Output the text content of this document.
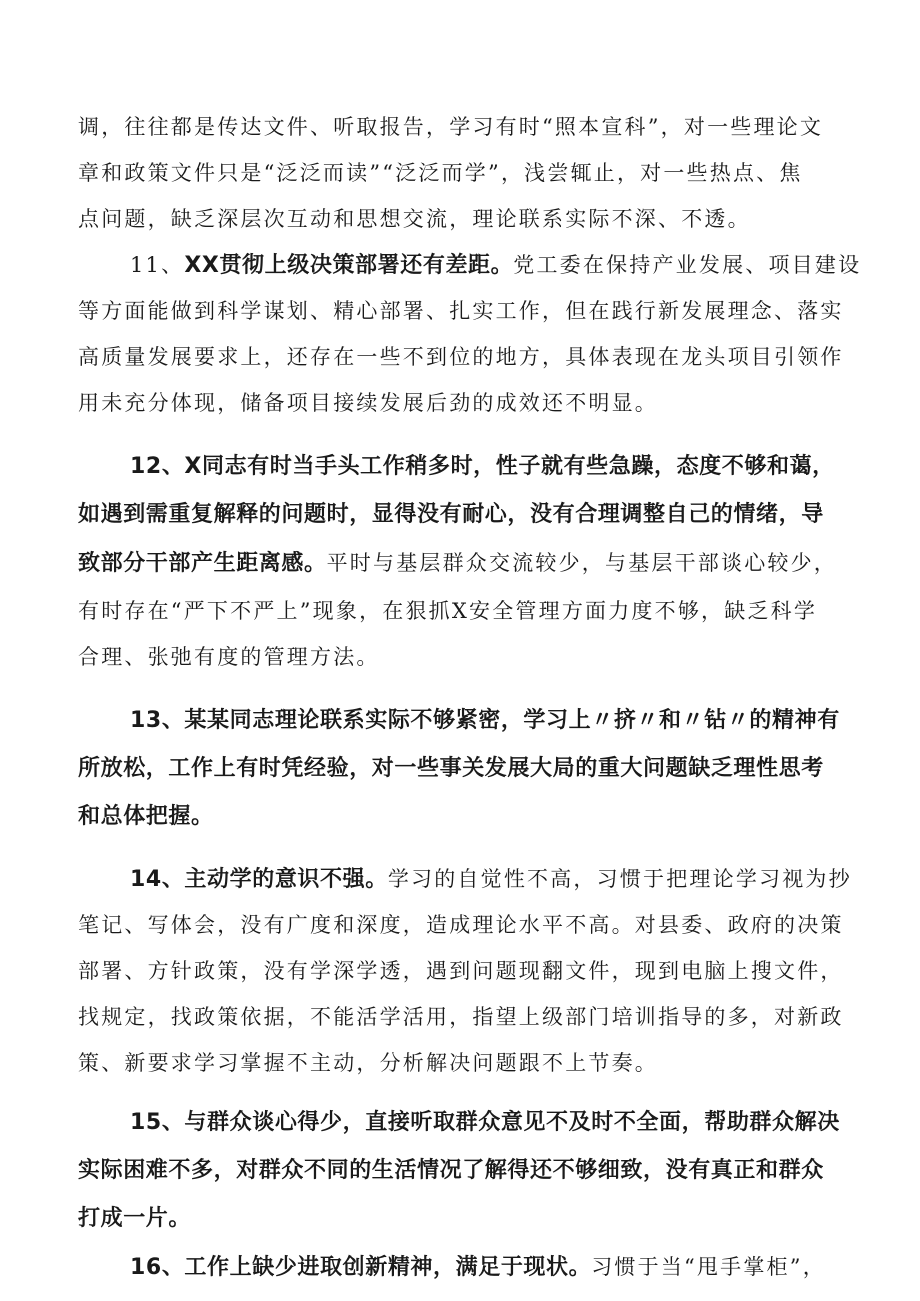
调，往往都是传达文件、听取报告，学习有时“照本宣科”，对一些理论文
章和政策文件只是“泛泛而读”“泛泛而学”，浅尝辄止，对一些热点、焦
点问题，缺乏深层次互动和思想交流，理论联系实际不深、不透。
11、XX贯彻上级决策部署还有差距。党工委在保持产业发展、项目建设
等方面能做到科学谋划、精心部署、扎实工作，但在践行新发展理念、落实
高质量发展要求上，还存在一些不到位的地方，具体表现在龙头项目引领作
用未充分体现，储备项目接续发展后劲的成效还不明显。
12、X同志有时当手头工作稍多时，性子就有些急躁，态度不够和蔼，
如遇到需重复解释的问题时，显得没有耐心，没有合理调整自己的情绪，导
致部分干部产生距离感。平时与基层群众交流较少，与基层干部谈心较少，
有时存在“严下不严上”现象，在狠抓X安全管理方面力度不够，缺乏科学
合理、张弛有度的管理方法。
13、某某同志理论联系实际不够紧密，学习上〃挤〃和〃钻〃的精神有
所放松，工作上有时凭经验，对一些事关发展大局的重大问题缺乏理性思考
和总体把握。
14、主动学的意识不强。学习的自觉性不高，习惯于把理论学习视为抄
笔记、写体会，没有广度和深度，造成理论水平不高。对县委、政府的决策
部署、方针政策，没有学深学透，遇到问题现翻文件，现到电脑上搜文件，
找规定，找政策依据，不能活学活用，指望上级部门培训指导的多，对新政
策、新要求学习掌握不主动，分析解决问题跟不上节奏。
15、与群众谈心得少，直接听取群众意见不及时不全面，帮助群众解决
实际困难不多，对群众不同的生活情况了解得还不够细致，没有真正和群众
打成一片。
16、工作上缺少进取创新精神，满足于现状。习惯于当“甩手掌柜”，
